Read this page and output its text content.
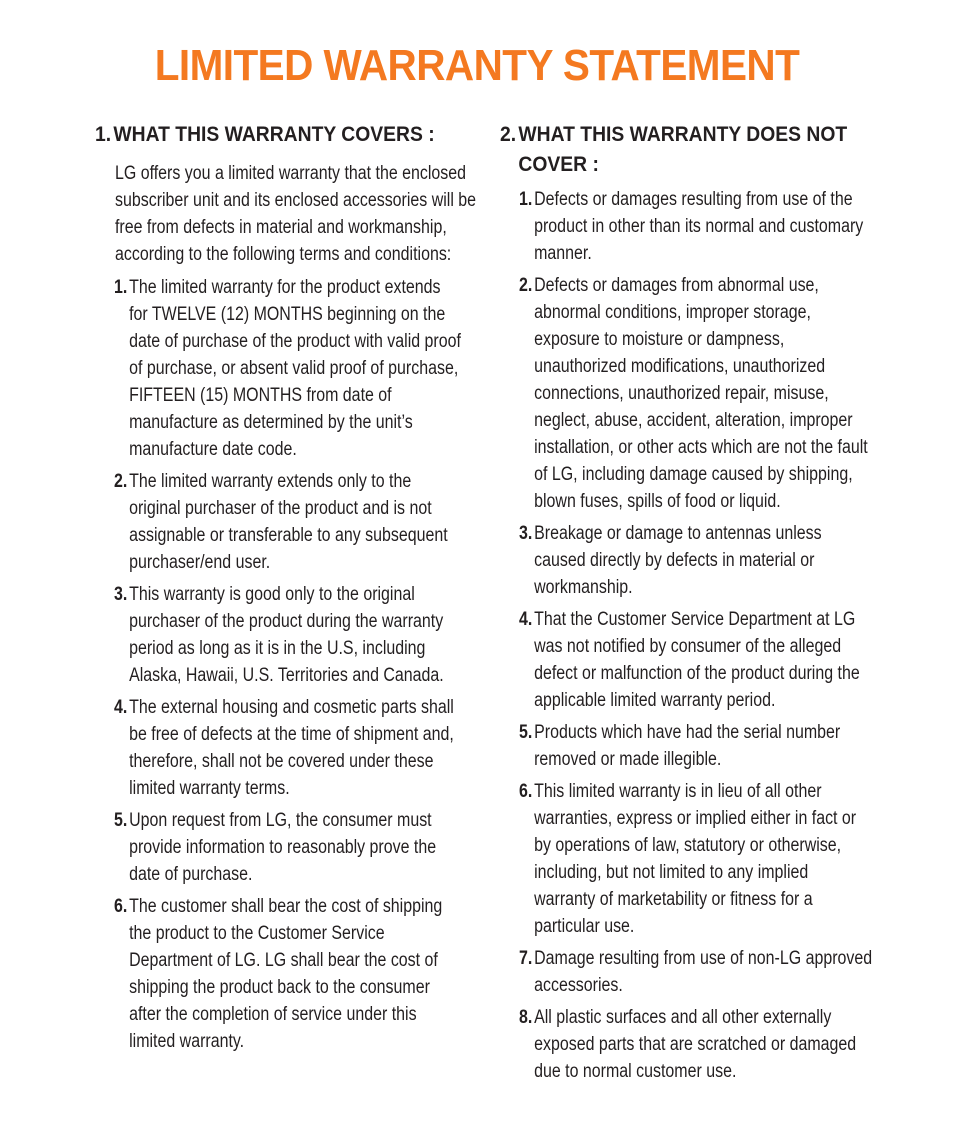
LIMITED WARRANTY STATEMENT
1. WHAT THIS WARRANTY COVERS :

LG offers you a limited warranty that the enclosed subscriber unit and its enclosed accessories will be free from defects in material and workmanship, according to the following terms and conditions:

1. The limited warranty for the product extends for TWELVE (12) MONTHS beginning on the date of purchase of the product with valid proof of purchase, or absent valid proof of purchase, FIFTEEN (15) MONTHS from date of manufacture as determined by the unit’s manufacture date code.
2. The limited warranty extends only to the original purchaser of the product and is not assignable or transferable to any subsequent purchaser/end user.
3. This warranty is good only to the original purchaser of the product during the warranty period as long as it is in the U.S, including Alaska, Hawaii, U.S. Territories and Canada.
4. The external housing and cosmetic parts shall be free of defects at the time of shipment and, therefore, shall not be covered under these limited warranty terms.
5. Upon request from LG, the consumer must provide information to reasonably prove the date of purchase.
6. The customer shall bear the cost of shipping the product to the Customer Service Department of LG. LG shall bear the cost of shipping the product back to the consumer after the completion of service under this limited warranty.
2. WHAT THIS WARRANTY DOES NOT COVER :
1. Defects or damages resulting from use of the product in other than its normal and customary manner.
2. Defects or damages from abnormal use, abnormal conditions, improper storage, exposure to moisture or dampness, unauthorized modifications, unauthorized connections, unauthorized repair, misuse, neglect, abuse, accident, alteration, improper installation, or other acts which are not the fault of LG, including damage caused by shipping, blown fuses, spills of food or liquid.
3. Breakage or damage to antennas unless caused directly by defects in material or workmanship.
4. That the Customer Service Department at LG was not notified by consumer of the alleged defect or malfunction of the product during the applicable limited warranty period.
5. Products which have had the serial number removed or made illegible.
6. This limited warranty is in lieu of all other warranties, express or implied either in fact or by operations of law, statutory or otherwise, including, but not limited to any implied warranty of marketability or fitness for a particular use.
7. Damage resulting from use of non-LG approved accessories.
8. All plastic surfaces and all other externally exposed parts that are scratched or damaged due to normal customer use.
